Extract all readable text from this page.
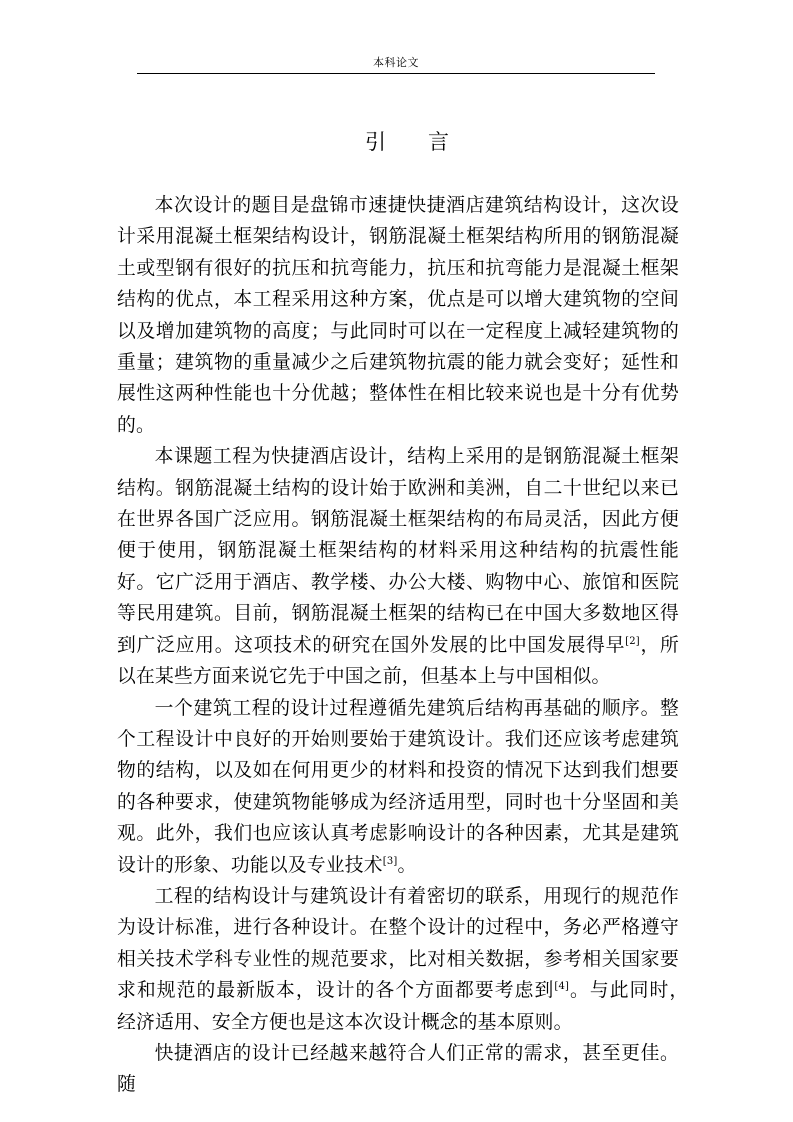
本科论文
引 言

本次设计的题目是盘锦市速捷快捷酒店建筑结构设计，这次设计采用混凝土框架结构设计，钢筋混凝土框架结构所用的钢筋混凝土或型钢有很好的抗压和抗弯能力，抗压和抗弯能力是混凝土框架结构的优点，本工程采用这种方案，优点是可以增大建筑物的空间以及增加建筑物的高度；与此同时可以在一定程度上减轻建筑物的重量；建筑物的重量减少之后建筑物抗震的能力就会变好；延性和展性这两种性能也十分优越；整体性在相比较来说也是十分有优势的。

本课题工程为快捷酒店设计，结构上采用的是钢筋混凝土框架结构。钢筋混凝土结构的设计始于欧洲和美洲，自二十世纪以来已在世界各国广泛应用。钢筋混凝土框架结构的布局灵活，因此方便便于使用，钢筋混凝土框架结构的材料采用这种结构的抗震性能好。它广泛用于酒店、教学楼、办公大楼、购物中心、旅馆和医院等民用建筑。目前，钢筋混凝土框架的结构已在中国大多数地区得到广泛应用。这项技术的研究在国外发展的比中国发展得早[2]，所以在某些方面来说它先于中国之前，但基本上与中国相似。

一个建筑工程的设计过程遵循先建筑后结构再基础的顺序。整个工程设计中良好的开始则要始于建筑设计。我们还应该考虑建筑物的结构，以及如在何用更少的材料和投资的情况下达到我们想要的各种要求，使建筑物能够成为经济适用型，同时也十分坚固和美观。此外，我们也应该认真考虑影响设计的各种因素，尤其是建筑设计的形象、功能以及专业技术[3]。

工程的结构设计与建筑设计有着密切的联系，用现行的规范作为设计标准，进行各种设计。在整个设计的过程中，务必严格遵守相关技术学科专业性的规范要求，比对相关数据，参考相关国家要求和规范的最新版本，设计的各个方面都要考虑到[4]。与此同时，　经济适用、安全方便也是这本次设计概念的基本原则。

快捷酒店的设计已经越来越符合人们正常的需求，甚至更佳。随
